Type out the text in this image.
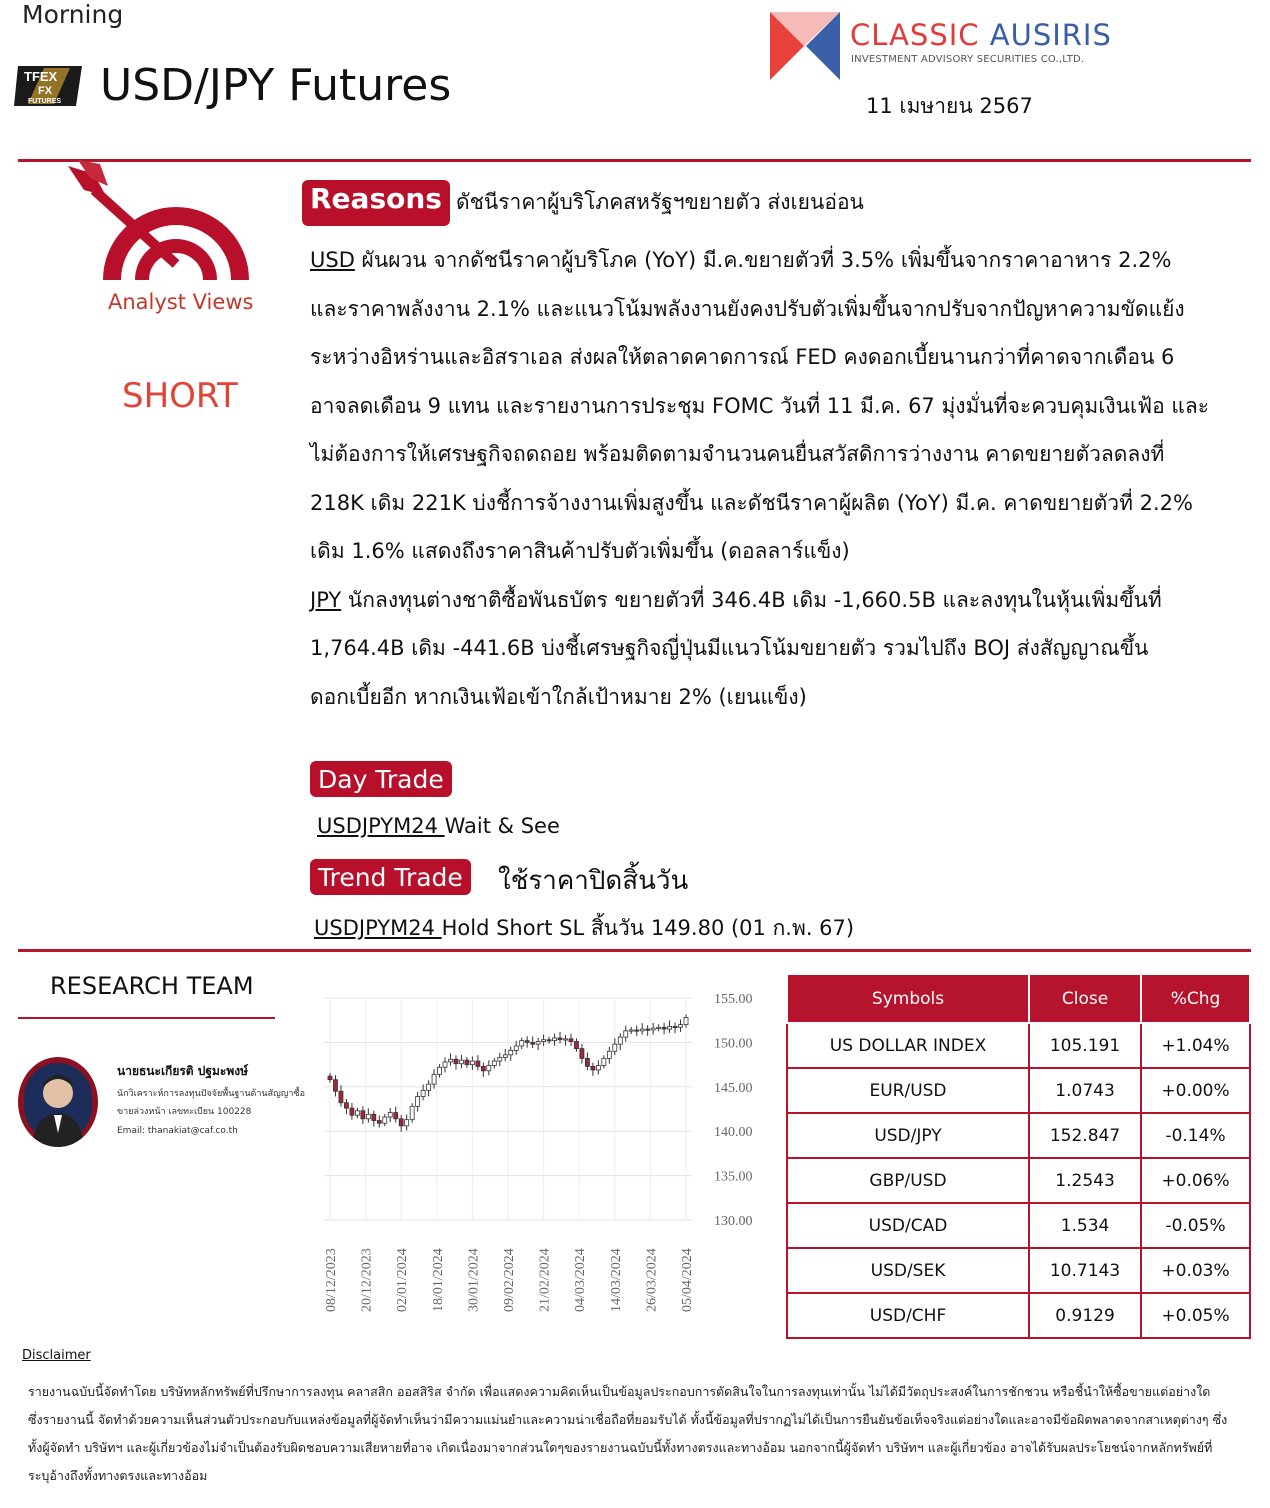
Morning
TFEX
FX
FUTURES USD/JPY Futures
CLASSIC AUSIRIS
INVESTMENT ADVISORY SECURITIES CO.,LTD.
11 เมษายน 2567
Analyst Views
SHORT
Reasons ดัชนีราคาผู้บริโภคสหรัฐฯขยายตัว ส่งเยนอ่อน

USD ผันผวน จากดัชนีราคาผู้บริโภค (YoY) มี.ค.ขยายตัวที่ 3.5% เพิ่มขึ้นจากราคาอาหาร 2.2% และราคาพลังงาน 2.1% และแนวโน้มพลังงานยังคงปรับตัวเพิ่มขึ้นจากปรับจากปัญหาความขัดแย้งระหว่างอิหร่านและอิสราเอล ส่งผลให้ตลาดคาดการณ์ FED คงดอกเบี้ยนานกว่าที่คาดจากเดือน 6 อาจลดเดือน 9 แทน และรายงานการประชุม FOMC วันที่ 11 มี.ค. 67 มุ่งมั่นที่จะควบคุมเงินเฟ้อ และไม่ต้องการให้เศรษฐกิจถดถอย พร้อมติดตามจำนวนคนยื่นสวัสดิการว่างงาน คาดขยายตัวลดลงที่ 218K เดิม 221K บ่งชี้การจ้างงานเพิ่มสูงขึ้น และดัชนีราคาผู้ผลิต (YoY) มี.ค. คาดขยายตัวที่ 2.2% เดิม 1.6% แสดงถึงราคาสินค้าปรับตัวเพิ่มขึ้น (ดอลลาร์แข็ง)

JPY นักลงทุนต่างชาติซื้อพันธบัตร ขยายตัวที่ 346.4B เดิม -1,660.5B และลงทุนในหุ้นเพิ่มขึ้นที่ 1,764.4B เดิม -441.6B บ่งชี้เศรษฐกิจญี่ปุ่นมีแนวโน้มขยายตัว รวมไปถึง BOJ ส่งสัญญาณขึ้นดอกเบี้ยอีก หากเงินเฟ้อเข้าใกล้เป้าหมาย 2% (เยนแข็ง)

Day Trade
USDJPYM24 Wait & See
Trend Trade	ใช้ราคาปิดสิ้นวัน
USDJPYM24 Hold Short SL สิ้นวัน 149.80 (01 ก.พ. 67)
RESEARCH TEAM
นายธนะเกียรติ ปฐมะพงษ์
นักวิเคราะห์การลงทุนปัจจัยพื้นฐานด้านสัญญาซื้อ
ขายล่วงหน้า เลขทะเบียน 100228
Email: thanakiat@caf.co.th
155.00
150.00
145.00
140.00
135.00
130.00
08/12/2023 20/12/2023 02/01/2024 18/01/2024 30/01/2024 09/02/2024 21/02/2024 04/03/2024 14/03/2024 26/03/2024 05/04/2024
Symbols	Close	%Chg
US DOLLAR INDEX	105.191	+1.04%
EUR/USD	1.0743	+0.00%
USD/JPY	152.847	-0.14%
GBP/USD	1.2543	+0.06%
USD/CAD	1.534	-0.05%
USD/SEK	10.7143	+0.03%
USD/CHF	0.9129	+0.05%
Disclaimer
รายงานฉบับนี้จัดทำโดย บริษัทหลักทรัพย์ที่ปรึกษาการลงทุน คลาสสิก ออสสิริส จำกัด เพื่อแสดงความคิดเห็นเป็นข้อมูลประกอบการตัดสินใจในการลงทุนเท่านั้น ไม่ได้มีวัตถุประสงค์ในการชักชวน หรือชี้นำให้ซื้อขายแต่อย่างใด ซึ่งรายงานนี้ จัดทำด้วยความเห็นส่วนตัวประกอบกับแหล่งข้อมูลที่ผู้จัดทำเห็นว่ามีความแม่นยำและความน่าเชื่อถือที่ยอมรับได้ ทั้งนี้ข้อมูลที่ปรากฏไม่ได้เป็นการยืนยันข้อเท็จจริงแต่อย่างใดและอาจมีข้อผิดพลาดจากสาเหตุต่างๆ ซึ่งทั้งผู้จัดทำ บริษัทฯ และผู้เกี่ยวข้องไม่จำเป็นต้องรับผิดชอบความเสียหายที่อาจ เกิดเนื่องมาจากส่วนใดๆของรายงานฉบับนี้ทั้งทางตรงและทางอ้อม นอกจากนี้ผู้จัดทำ บริษัทฯ และผู้เกี่ยวข้อง อาจได้รับผลประโยชน์จากหลักทรัพย์ที่ระบุอ้างถึงทั้งทางตรงและทางอ้อม
